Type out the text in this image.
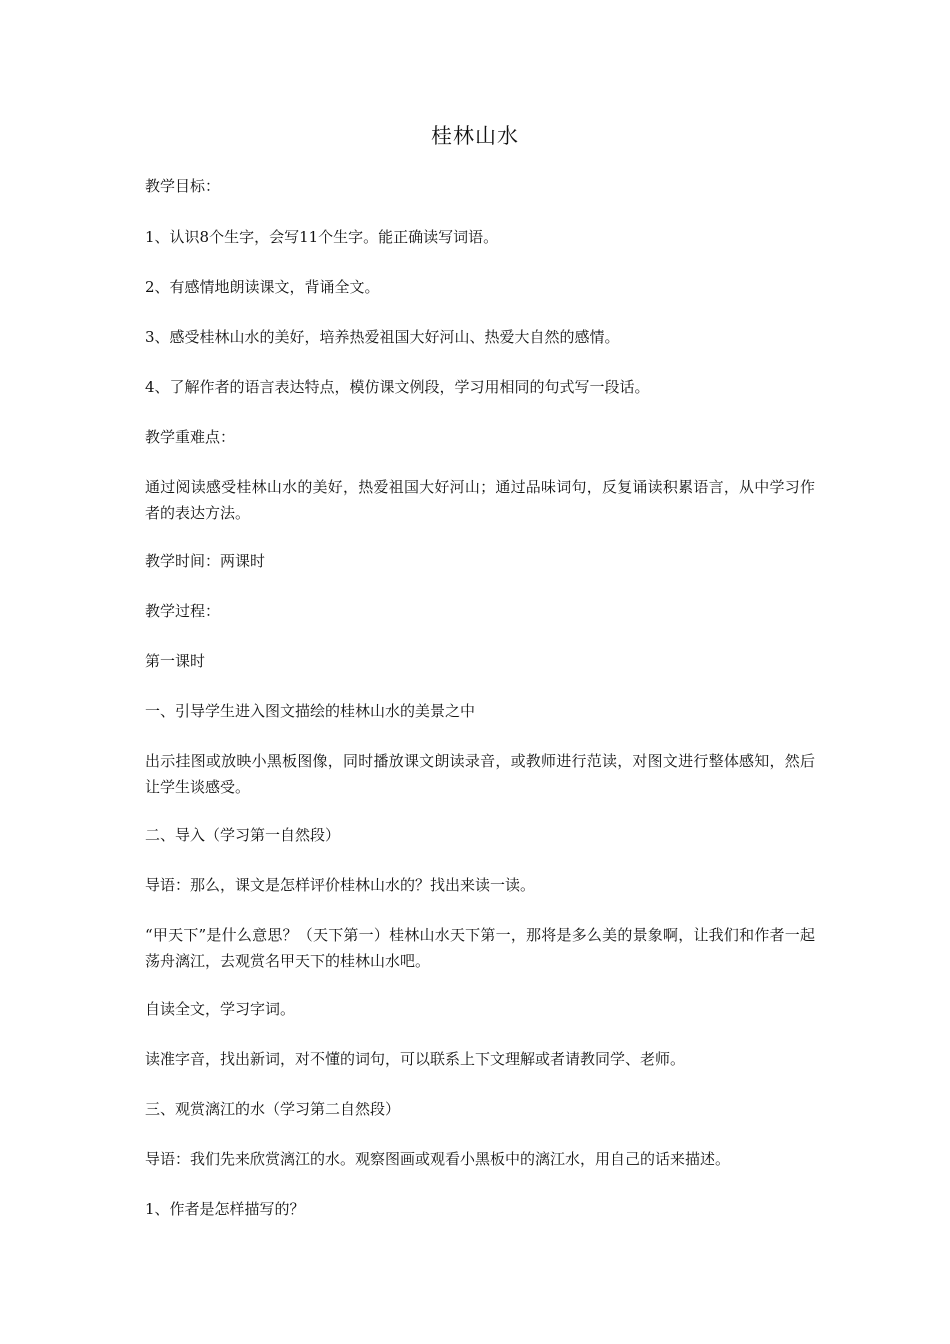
桂林山水

教学目标：

1、认识8个生字，会写11个生字。能正确读写词语。

2、有感情地朗读课文，背诵全文。

3、感受桂林山水的美好，培养热爱祖国大好河山、热爱大自然的感情。

4、了解作者的语言表达特点，模仿课文例段，学习用相同的句式写一段话。

教学重难点：

通过阅读感受桂林山水的美好，热爱祖国大好河山；通过品味词句，反复诵读积累语言，从中学习作者的表达方法。

教学时间：两课时

教学过程：

第一课时

一、引导学生进入图文描绘的桂林山水的美景之中

出示挂图或放映小黑板图像，同时播放课文朗读录音，或教师进行范读，对图文进行整体感知，然后让学生谈感受。

二、导入（学习第一自然段）

导语：那么，课文是怎样评价桂林山水的？找出来读一读。

“甲天下”是什么意思？（天下第一）桂林山水天下第一，那将是多么美的景象啊，让我们和作者一起荡舟漓江，去观赏名甲天下的桂林山水吧。

自读全文，学习字词。

读准字音，找出新词，对不懂的词句，可以联系上下文理解或者请教同学、老师。

三、观赏漓江的水（学习第二自然段）

导语：我们先来欣赏漓江的水。观察图画或观看小黑板中的漓江水，用自己的话来描述。

1、作者是怎样描写的？
